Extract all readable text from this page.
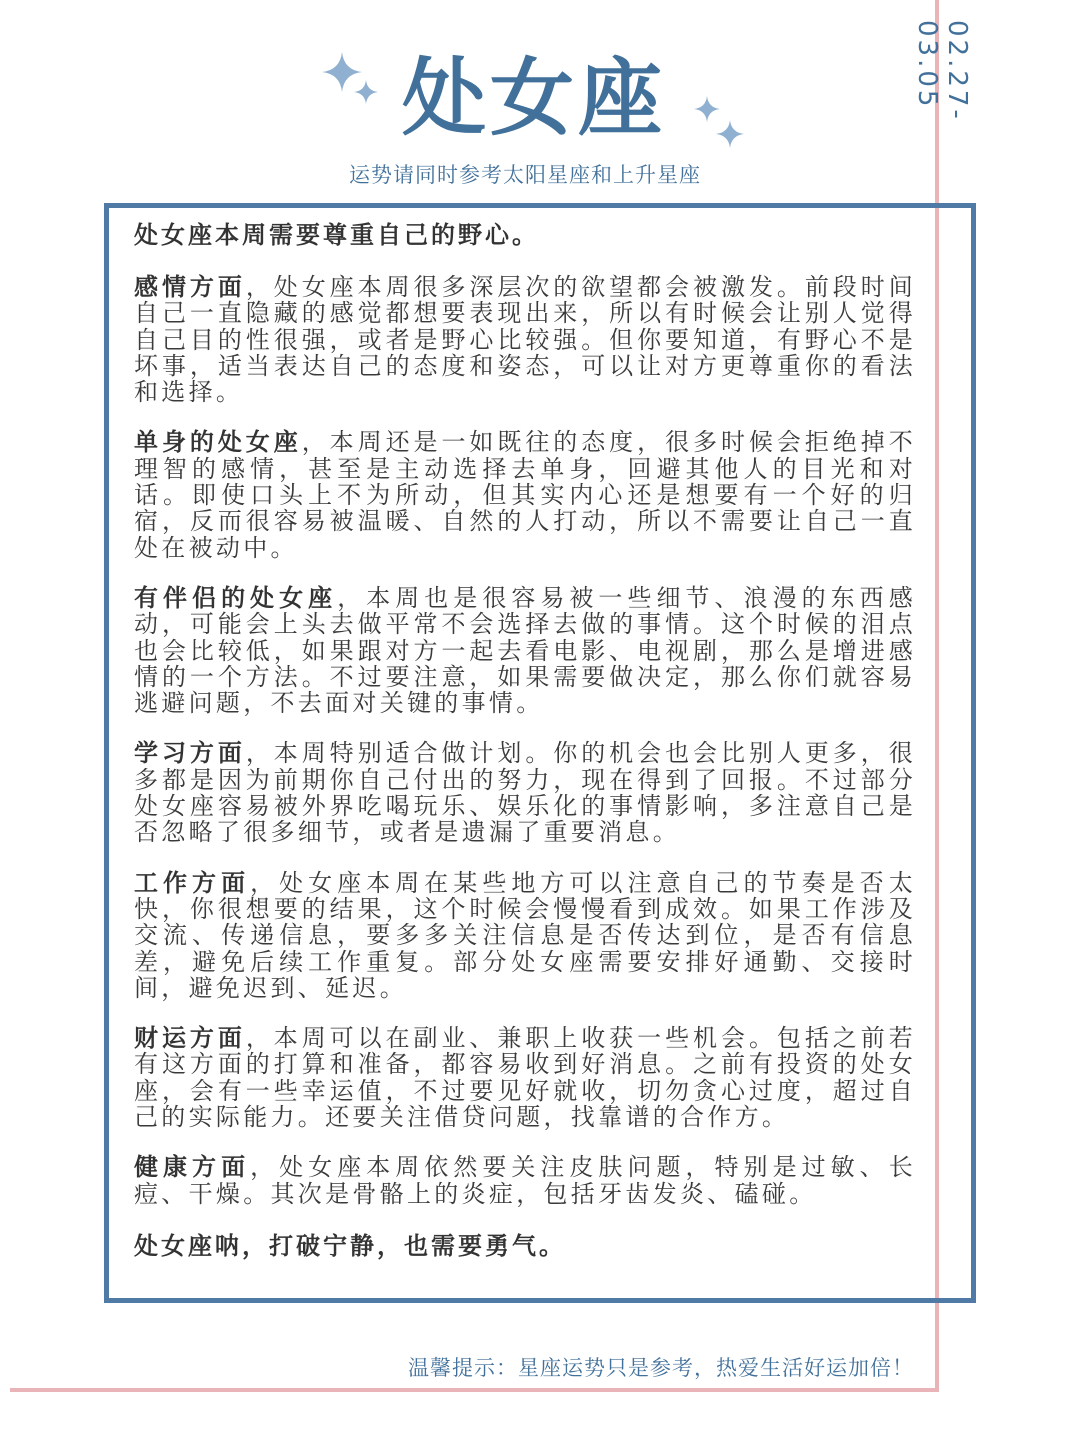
02.27-03.05
处女座
运势请同时参考太阳星座和上升星座

处女座本周需要尊重自己的野心。

感情方面，处女座本周很多深层次的欲望都会被激发。前段时间自己一直隐藏的感觉都想要表现出来，所以有时候会让别人觉得自己目的性很强，或者是野心比较强。但你要知道，有野心不是坏事，适当表达自己的态度和姿态，可以让对方更尊重你的看法和选择。

单身的处女座，本周还是一如既往的态度，很多时候会拒绝掉不理智的感情，甚至是主动选择去单身，回避其他人的目光和对话。即使口头上不为所动，但其实内心还是想要有一个好的归宿，反而很容易被温暖、自然的人打动，所以不需要让自己一直处在被动中。

有伴侣的处女座，本周也是很容易被一些细节、浪漫的东西感动，可能会上头去做平常不会选择去做的事情。这个时候的泪点也会比较低，如果跟对方一起去看电影、电视剧，那么是增进感情的一个方法。不过要注意，如果需要做决定，那么你们就容易逃避问题，不去面对关键的事情。

学习方面，本周特别适合做计划。你的机会也会比别人更多，很多都是因为前期你自己付出的努力，现在得到了回报。不过部分处女座容易被外界吃喝玩乐、娱乐化的事情影响，多注意自己是否忽略了很多细节，或者是遗漏了重要消息。

工作方面，处女座本周在某些地方可以注意自己的节奏是否太快，你很想要的结果，这个时候会慢慢看到成效。如果工作涉及交流、传递信息，要多多关注信息是否传达到位，是否有信息差，避免后续工作重复。部分处女座需要安排好通勤、交接时间，避免迟到、延迟。

财运方面，本周可以在副业、兼职上收获一些机会。包括之前若有这方面的打算和准备，都容易收到好消息。之前有投资的处女座，会有一些幸运值，不过要见好就收，切勿贪心过度，超过自己的实际能力。还要关注借贷问题，找靠谱的合作方。

健康方面，处女座本周依然要关注皮肤问题，特别是过敏、长痘、干燥。其次是骨骼上的炎症，包括牙齿发炎、磕碰。

处女座呐，打破宁静，也需要勇气。

温馨提示：星座运势只是参考，热爱生活好运加倍！
